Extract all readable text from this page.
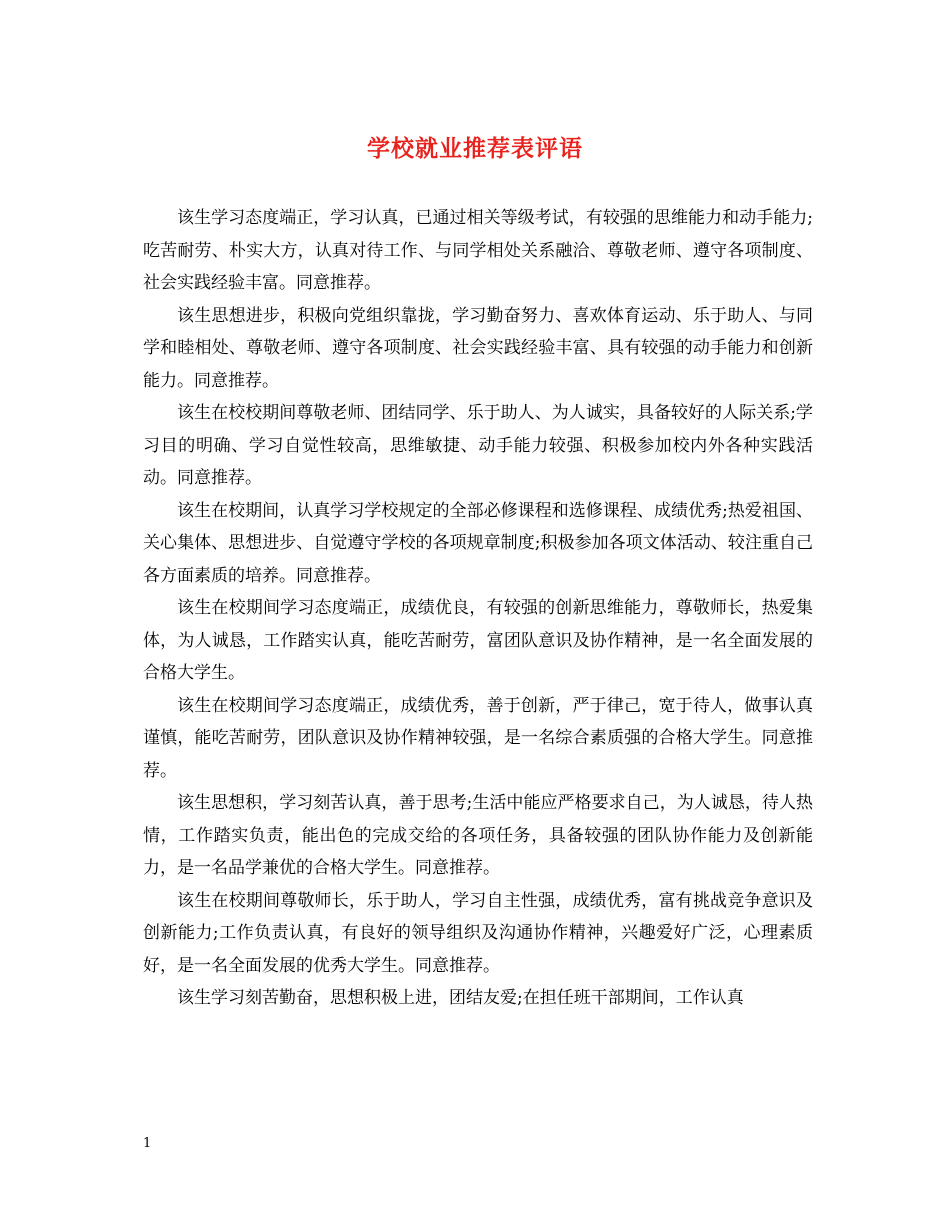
学校就业推荐表评语

该生学习态度端正，学习认真，已通过相关等级考试，有较强的思维能力和动手能力;吃苦耐劳、朴实大方，认真对待工作、与同学相处关系融洽、尊敬老师、遵守各项制度、社会实践经验丰富。同意推荐。

该生思想进步，积极向党组织靠拢，学习勤奋努力、喜欢体育运动、乐于助人、与同学和睦相处、尊敬老师、遵守各项制度、社会实践经验丰富、具有较强的动手能力和创新能力。同意推荐。

该生在校校期间尊敬老师、团结同学、乐于助人、为人诚实，具备较好的人际关系;学习目的明确、学习自觉性较高，思维敏捷、动手能力较强、积极参加校内外各种实践活动。同意推荐。

该生在校期间，认真学习学校规定的全部必修课程和选修课程、成绩优秀;热爱祖国、关心集体、思想进步、自觉遵守学校的各项规章制度;积极参加各项文体活动、较注重自己各方面素质的培养。同意推荐。

该生在校期间学习态度端正，成绩优良，有较强的创新思维能力，尊敬师长，热爱集体，为人诚恳，工作踏实认真，能吃苦耐劳，富团队意识及协作精神，是一名全面发展的合格大学生。

该生在校期间学习态度端正，成绩优秀，善于创新，严于律己，宽于待人，做事认真谨慎，能吃苦耐劳，团队意识及协作精神较强，是一名综合素质强的合格大学生。同意推荐。

该生思想积，学习刻苦认真，善于思考;生活中能应严格要求自己，为人诚恳，待人热情，工作踏实负责，能出色的完成交给的各项任务，具备较强的团队协作能力及创新能力，是一名品学兼优的合格大学生。同意推荐。

该生在校期间尊敬师长，乐于助人，学习自主性强，成绩优秀，富有挑战竞争意识及创新能力;工作负责认真，有良好的领导组织及沟通协作精神，兴趣爱好广泛，心理素质好，是一名全面发展的优秀大学生。同意推荐。

该生学习刻苦勤奋，思想积极上进，团结友爱;在担任班干部期间，工作认真

1
